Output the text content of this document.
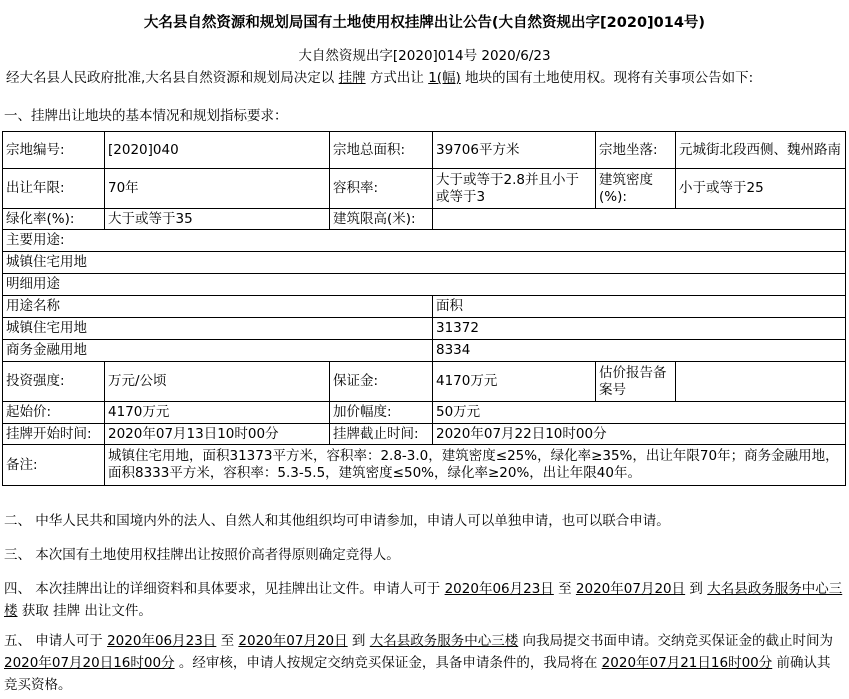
大名县自然资源和规划局国有土地使用权挂牌出让公告(大自然资规出字[2020]014号)
大自然资规出字[2020]014号 2020/6/23
经大名县人民政府批准,大名县自然资源和规划局决定以 挂牌 方式出让 1(幅) 地块的国有土地使用权。现将有关事项公告如下:
一、挂牌出让地块的基本情况和规划指标要求：
宗地编号:	[2020]040	宗地总面积:	39706平方米	宗地坐落:	元城街北段西侧、魏州路南
出让年限:	70年	容积率:	大于或等于2.8并且小于或等于3	建筑密度(%):	小于或等于25
绿化率(%):	大于或等于35	建筑限高(米):			
主要用途:					
城镇住宅用地					
明细用途					
用途名称			面积		
城镇住宅用地			31372		
商务金融用地			8334		
投资强度:	万元/公顷	保证金:	4170万元	估价报告备案号	
起始价:	4170万元	加价幅度:	50万元		
挂牌开始时间:	2020年07月13日10时00分	挂牌截止时间:	2020年07月22日10时00分		
备注:	城镇住宅用地，面积31373平方米，容积率：2.8-3.0，建筑密度≤25%，绿化率≥35%，出让年限70年；商务金融用地，面积8333平方米，容积率：5.3-5.5，建筑密度≤50%，绿化率≥20%，出让年限40年。				
二、 中华人民共和国境内外的法人、自然人和其他组织均可申请参加，申请人可以单独申请，也可以联合申请。
三、 本次国有土地使用权挂牌出让按照价高者得原则确定竞得人。
四、 本次挂牌出让的详细资料和具体要求，见挂牌出让文件。申请人可于 2020年06月23日 至 2020年07月20日 到 大名县政务服务中心三楼 获取 挂牌 出让文件。
五、 申请人可于 2020年06月23日 至 2020年07月20日 到 大名县政务服务中心三楼 向我局提交书面申请。交纳竞买保证金的截止时间为 2020年07月20日16时00分 。经审核，申请人按规定交纳竞买保证金，具备申请条件的，我局将在 2020年07月21日16时00分 前确认其竞买资格。
